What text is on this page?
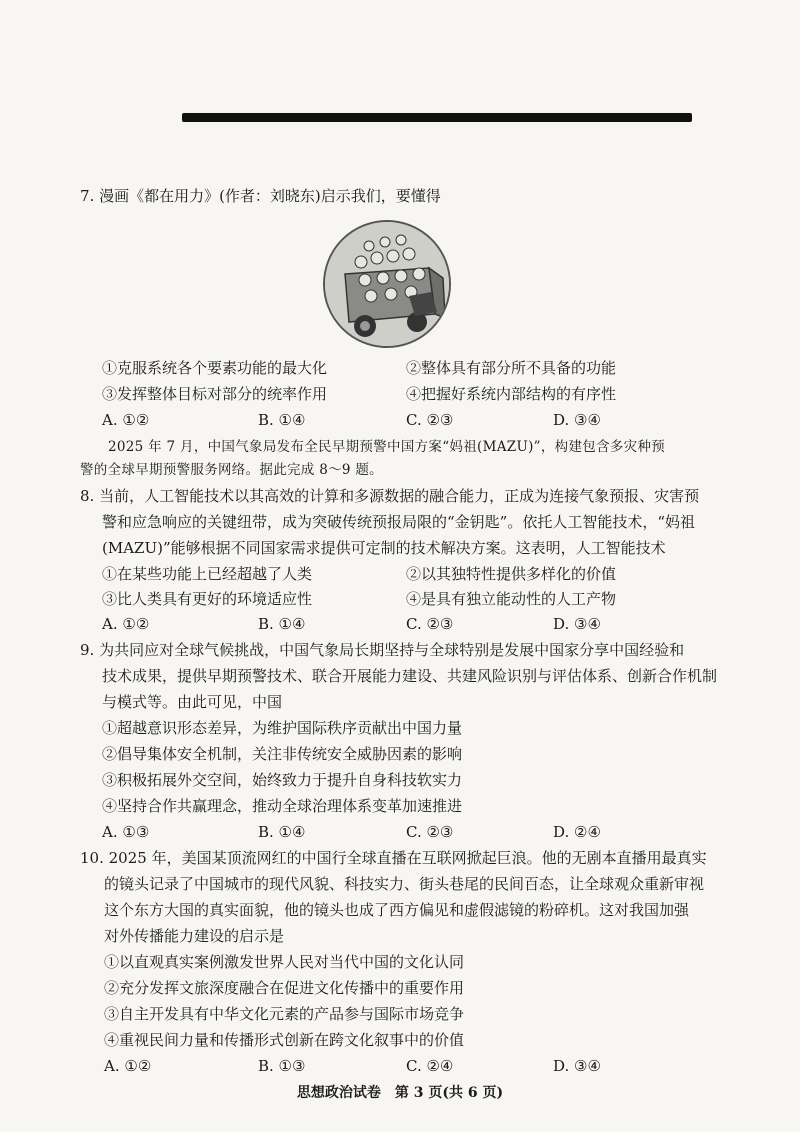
7. 漫画《都在用力》(作者：刘晓东)启示我们，要懂得
①克服系统各个要素功能的最大化	②整体具有部分所不具备的功能
③发挥整体目标对部分的统率作用	④把握好系统内部结构的有序性
A. ①②	B. ①④	C. ②③	D. ③④
2025 年 7 月，中国气象局发布全民早期预警中国方案“妈祖(MAZU)”，构建包含多灾种预
警的全球早期预警服务网络。据此完成 8～9 题。
8. 当前，人工智能技术以其高效的计算和多源数据的融合能力，正成为连接气象预报、灾害预
警和应急响应的关键纽带，成为突破传统预报局限的“金钥匙”。依托人工智能技术，“妈祖
(MAZU)”能够根据不同国家需求提供可定制的技术解决方案。这表明，人工智能技术
①在某些功能上已经超越了人类	②以其独特性提供多样化的价值
③比人类具有更好的环境适应性	④是具有独立能动性的人工产物
A. ①②	B. ①④	C. ②③	D. ③④
9. 为共同应对全球气候挑战，中国气象局长期坚持与全球特别是发展中国家分享中国经验和
技术成果，提供早期预警技术、联合开展能力建设、共建风险识别与评估体系、创新合作机制
与模式等。由此可见，中国
①超越意识形态差异，为维护国际秩序贡献出中国力量
②倡导集体安全机制，关注非传统安全威胁因素的影响
③积极拓展外交空间，始终致力于提升自身科技软实力
④坚持合作共赢理念，推动全球治理体系变革加速推进
A. ①③	B. ①④	C. ②③	D. ②④
10. 2025 年，美国某顶流网红的中国行全球直播在互联网掀起巨浪。他的无剧本直播用最真实
的镜头记录了中国城市的现代风貌、科技实力、街头巷尾的民间百态，让全球观众重新审视
这个东方大国的真实面貌，他的镜头也成了西方偏见和虚假滤镜的粉碎机。这对我国加强
对外传播能力建设的启示是
①以直观真实案例激发世界人民对当代中国的文化认同
②充分发挥文旅深度融合在促进文化传播中的重要作用
③自主开发具有中华文化元素的产品参与国际市场竞争
④重视民间力量和传播形式创新在跨文化叙事中的价值
A. ①②	B. ①③	C. ②④	D. ③④
思想政治试卷　第 3 页(共 6 页)
